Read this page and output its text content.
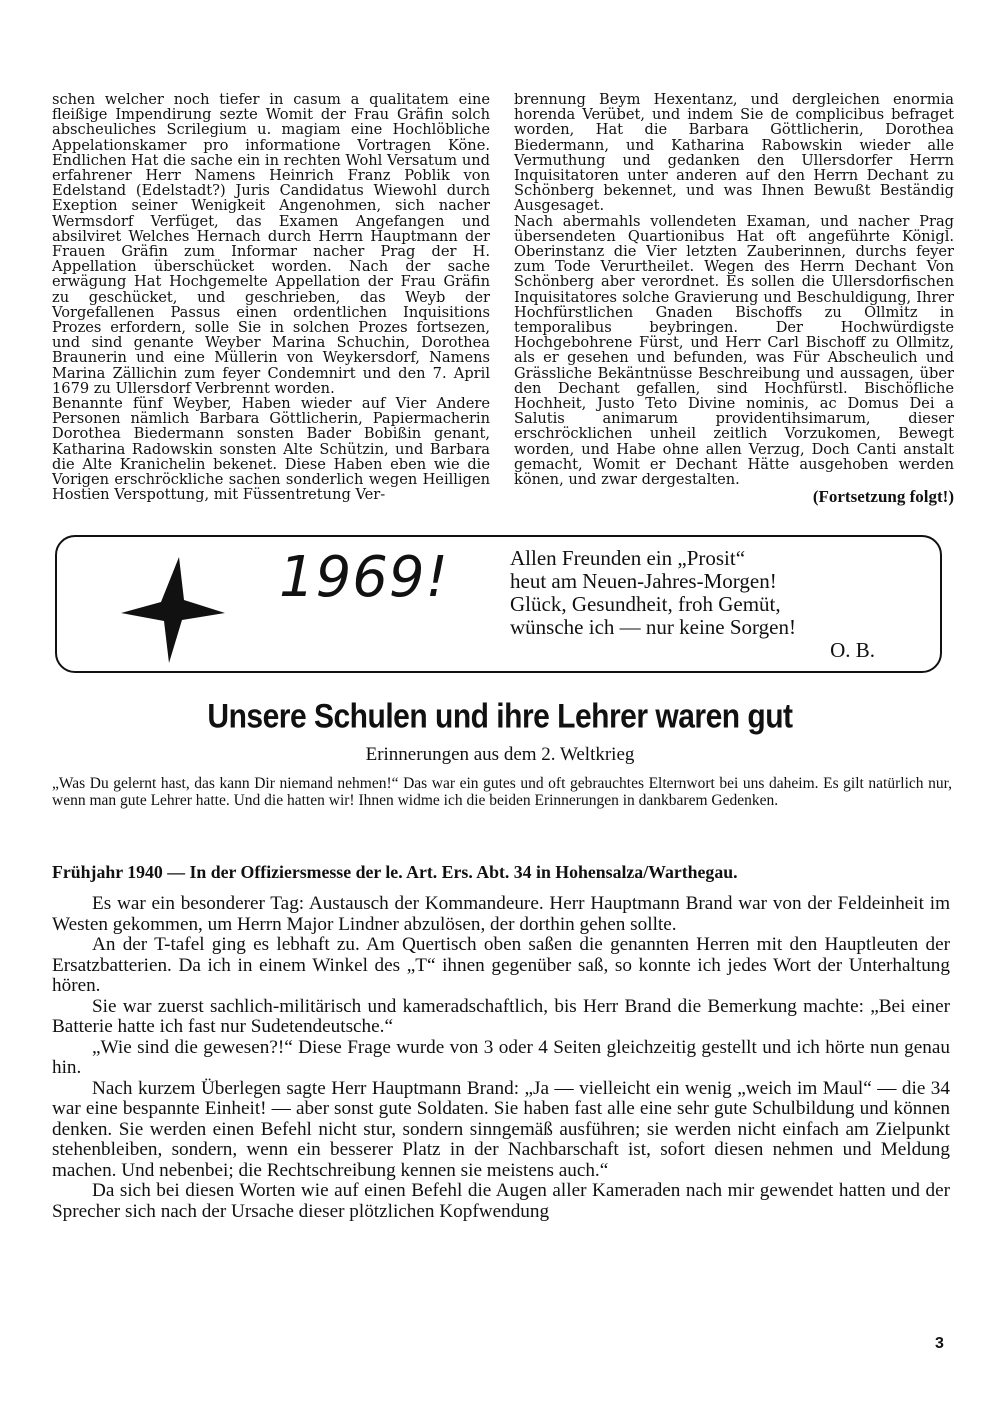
schen welcher noch tiefer in casum a qualitatem eine fleißige Impendirung sezte Womit der Frau Gräfin solch abscheuliches Scrilegium u. magiam eine Hochlöbliche Appelationskamer pro informatione Vortragen Köne. Endlichen Hat die sache ein in rechten Wohl Versatum und erfahrener Herr Namens Heinrich Franz Poblik von Edelstand (Edelstadt?) Juris Candidatus Wiewohl durch Exeption seiner Wenigkeit Angenohmen, sich nacher Wermsdorf Verfüget, das Examen Angefangen und absilviret Welches Hernach durch Herrn Hauptmann der Frauen Gräfin zum Informar nacher Prag der H. Appellation überschücket worden. Nach der sache erwägung Hat Hochgemelte Appellation der Frau Gräfin zu geschücket, und geschrieben, das Weyb der Vorgefallenen Passus einen ordentlichen Inquisitions Prozes erfordern, solle Sie in solchen Prozes fortsezen, und sind genante Weyber Marina Schuchin, Dorothea Braunerin und eine Müllerin von Weykersdorf, Namens Marina Zällichin zum feyer Condemnirt und den 7. April 1679 zu Ullersdorf Verbrennt worden.

Benannte fünf Weyber, Haben wieder auf Vier Andere Personen nämlich Barbara Göttlicherin, Papiermacherin Dorothea Biedermann sonsten Bader Bobißin genant, Katharina Radowskin sonsten Alte Schützin, und Barbara die Alte Kranichelin bekenet. Diese Haben eben wie die Vorigen erschröckliche sachen sonderlich wegen Heilligen Hostien Verspottung, mit Füssentretung Ver-

brennung Beym Hexentanz, und dergleichen enormia horenda Verübet, und indem Sie de complicibus befraget worden, Hat die Barbara Göttlicherin, Dorothea Biedermann, und Katharina Rabowskin wieder alle Vermuthung und gedanken den Ullersdorfer Herrn Inquisitatoren unter anderen auf den Herrn Dechant zu Schönberg bekennet, und was Ihnen Bewußt Beständig Ausgesaget.

Nach abermahls vollendeten Examan, und nacher Prag übersendeten Quartionibus Hat oft angeführte Königl. Oberinstanz die Vier letzten Zauberinnen, durchs feyer zum Tode Verurtheilet. Wegen des Herrn Dechant Von Schönberg aber verordnet. Es sollen die Ullersdorfischen Inquisitatores solche Gravierung und Beschuldigung, Ihrer Hochfürstlichen Gnaden Bischoffs zu Ollmitz in temporalibus beybringen. Der Hochwürdigste Hochgebohrene Fürst, und Herr Carl Bischoff zu Ollmitz, als er gesehen und befunden, was Für Abscheulich und Grässliche Bekäntnüsse Beschreibung und aussagen, über den Dechant gefallen, sind Hochfürstl. Bischöfliche Hochheit, Justo Teto Divine nominis, ac Domus Dei a Salutis animarum providentihsimarum, dieser erschröcklichen unheil zeitlich Vorzukomen, Bewegt worden, und Habe ohne allen Verzug, Doch Canti anstalt gemacht, Womit er Dechant Hätte ausgehoben werden könen, und zwar dergestalten.

(Fortsetzung folgt!)
1969!	Allen Freunden ein „Prosit“
heut am Neuen-Jahres-Morgen!
Glück, Gesundheit, froh Gemüt,
wünsche ich — nur keine Sorgen!
O. B.
Unsere Schulen und ihre Lehrer waren gut
Erinnerungen aus dem 2. Weltkrieg
„Was Du gelernt hast, das kann Dir niemand nehmen!“ Das war ein gutes und oft gebrauchtes Elternwort bei uns daheim. Es gilt natürlich nur, wenn man gute Lehrer hatte. Und die hatten wir! Ihnen widme ich die beiden Erinnerungen in dankbarem Gedenken.
Frühjahr 1940 — In der Offiziersmesse der le. Art. Ers. Abt. 34 in Hohensalza/Warthegau.

Es war ein besonderer Tag: Austausch der Kommandeure. Herr Hauptmann Brand war von der Feldeinheit im Westen gekommen, um Herrn Major Lindner abzulösen, der dorthin gehen sollte.

An der T-tafel ging es lebhaft zu. Am Quertisch oben saßen die genannten Herren mit den Hauptleuten der Ersatzbatterien. Da ich in einem Winkel des „T“ ihnen gegenüber saß, so konnte ich jedes Wort der Unterhaltung hören.

Sie war zuerst sachlich-militärisch und kameradschaftlich, bis Herr Brand die Bemerkung machte: „Bei einer Batterie hatte ich fast nur Sudetendeutsche.“

„Wie sind die gewesen?!“ Diese Frage wurde von 3 oder 4 Seiten gleichzeitig gestellt und ich hörte nun genau hin.

Nach kurzem Überlegen sagte Herr Hauptmann Brand: „Ja — vielleicht ein wenig „weich im Maul“ — die 34 war eine bespannte Einheit! — aber sonst gute Soldaten. Sie haben fast alle eine sehr gute Schulbildung und können denken. Sie werden einen Befehl nicht stur, sondern sinngemäß ausführen; sie werden nicht einfach am Zielpunkt stehenbleiben, sondern, wenn ein besserer Platz in der Nachbarschaft ist, sofort diesen nehmen und Meldung machen. Und nebenbei; die Rechtschreibung kennen sie meistens auch.“

Da sich bei diesen Worten wie auf einen Befehl die Augen aller Kameraden nach mir gewendet hatten und der Sprecher sich nach der Ursache dieser plötzlichen Kopfwendung

3
